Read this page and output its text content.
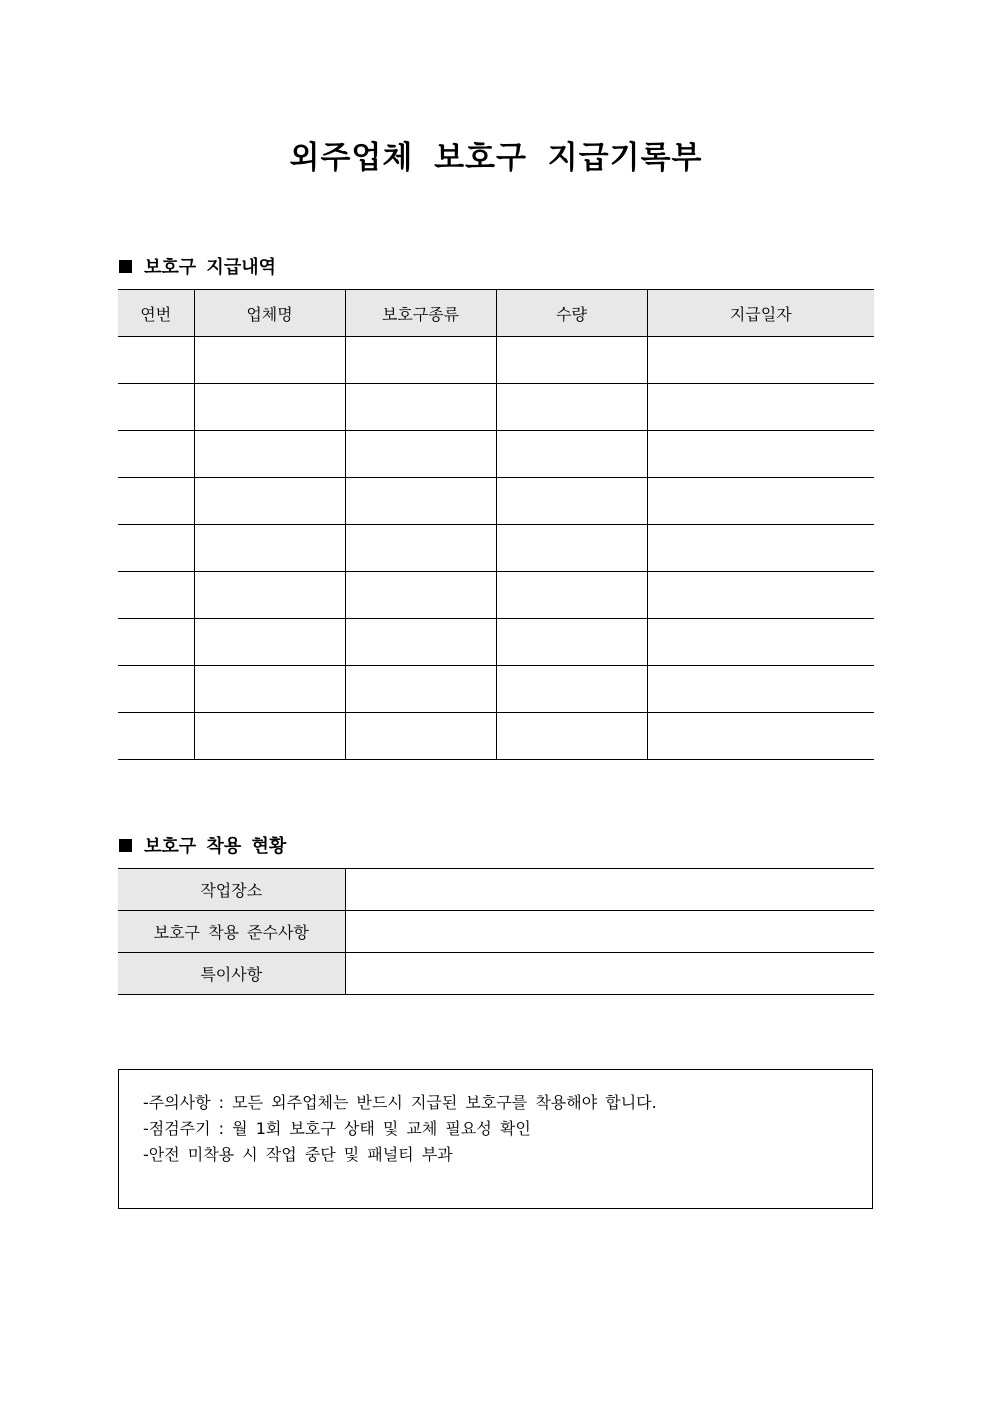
외주업체 보호구 지급기록부
보호구 지급내역
연번	업체명	보호구종류	수량	지급일자

보호구 착용 현황
작업장소	
보호구 착용 준수사항	
특이사항	
-주의사항 : 모든 외주업체는 반드시 지급된 보호구를 착용해야 합니다.
-점검주기 : 월 1회 보호구 상태 및 교체 필요성 확인
-안전 미착용 시 작업 중단 및 패널티 부과
